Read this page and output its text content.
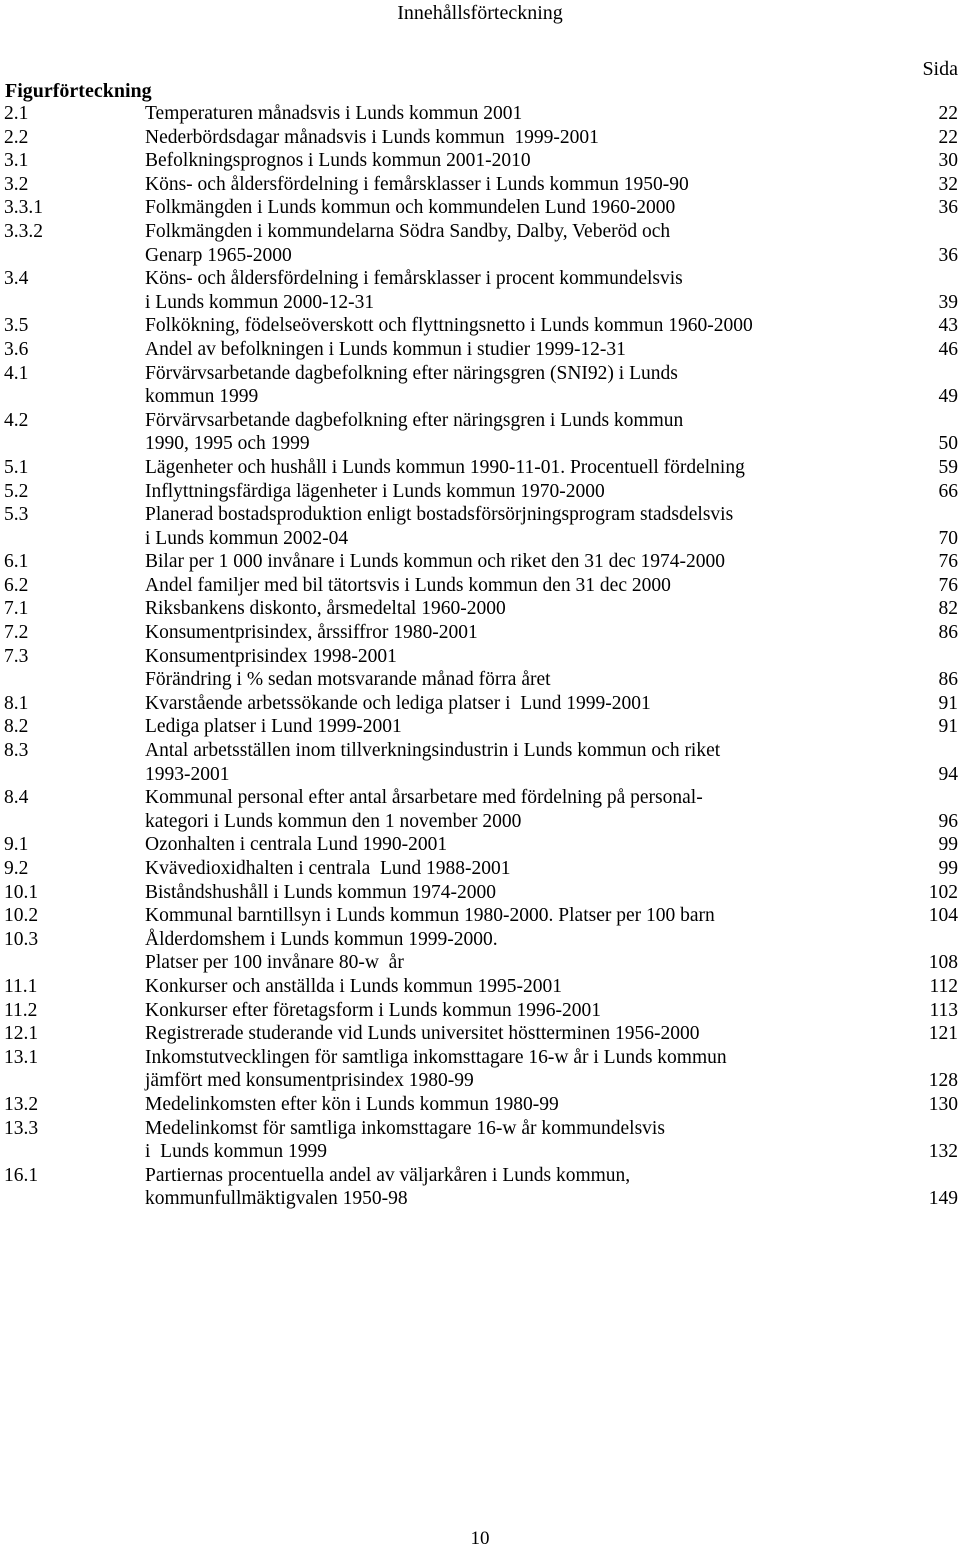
Innehållsförteckning
Sida
Figurförteckning
2.1	Temperaturen månadsvis i Lunds kommun 2001	22
2.2	Nederbördsdagar månadsvis i Lunds kommun  1999-2001	22
3.1	Befolkningsprognos i Lunds kommun 2001-2010	30
3.2	Köns- och åldersfördelning i femårsklasser i Lunds kommun 1950-90	32
3.3.1	Folkmängden i Lunds kommun och kommundelen Lund 1960-2000	36
3.3.2	Folkmängden i kommundelarna Södra Sandby, Dalby, Veberöd och
Genarp 1965-2000	36
3.4	Köns- och åldersfördelning i femårsklasser i procent kommundelsvis
i Lunds kommun 2000-12-31	39
3.5	Folkökning, födelseöverskott och flyttningsnetto i Lunds kommun 1960-2000	43
3.6	Andel av befolkningen i Lunds kommun i studier 1999-12-31	46
4.1	Förvärvsarbetande dagbefolkning efter näringsgren (SNI92) i Lunds
kommun 1999	49
4.2	Förvärvsarbetande dagbefolkning efter näringsgren i Lunds kommun
1990, 1995 och 1999	50
5.1	Lägenheter och hushåll i Lunds kommun 1990-11-01. Procentuell fördelning	59
5.2	Inflyttningsfärdiga lägenheter i Lunds kommun 1970-2000	66
5.3	Planerad bostadsproduktion enligt bostadsförsörjningsprogram stadsdelsvis
i Lunds kommun 2002-04	70
6.1	Bilar per 1 000 invånare i Lunds kommun och riket den 31 dec 1974-2000	76
6.2	Andel familjer med bil tätortsvis i Lunds kommun den 31 dec 2000	76
7.1	Riksbankens diskonto, årsmedeltal 1960-2000	82
7.2	Konsumentprisindex, årssiffror 1980-2001	86
7.3	Konsumentprisindex 1998-2001
Förändring i % sedan motsvarande månad förra året	86
8.1	Kvarstående arbetssökande och lediga platser i  Lund 1999-2001	91
8.2	Lediga platser i Lund 1999-2001	91
8.3	Antal arbetsställen inom tillverkningsindustrin i Lunds kommun och riket
1993-2001	94
8.4	Kommunal personal efter antal årsarbetare med fördelning på personal-
kategori i Lunds kommun den 1 november 2000	96
9.1	Ozonhalten i centrala Lund 1990-2001	99
9.2	Kvävedioxidhalten i centrala  Lund 1988-2001	99
10.1	Biståndshushåll i Lunds kommun 1974-2000	102
10.2	Kommunal barntillsyn i Lunds kommun 1980-2000. Platser per 100 barn	104
10.3	Ålderdomshem i Lunds kommun 1999-2000.
Platser per 100 invånare 80-w  år	108
11.1	Konkurser och anställda i Lunds kommun 1995-2001	112
11.2	Konkurser efter företagsform i Lunds kommun 1996-2001	113
12.1	Registrerade studerande vid Lunds universitet höstterminen 1956-2000	121
13.1	Inkomstutvecklingen för samtliga inkomsttagare 16-w år i Lunds kommun
jämfört med konsumentprisindex 1980-99	128
13.2	Medelinkomsten efter kön i Lunds kommun 1980-99	130
13.3	Medelinkomst för samtliga inkomsttagare 16-w år kommundelsvis
i  Lunds kommun 1999	132
16.1	Partiernas procentuella andel av väljarkåren i Lunds kommun,
kommunfullmäktigvalen 1950-98	149
10
